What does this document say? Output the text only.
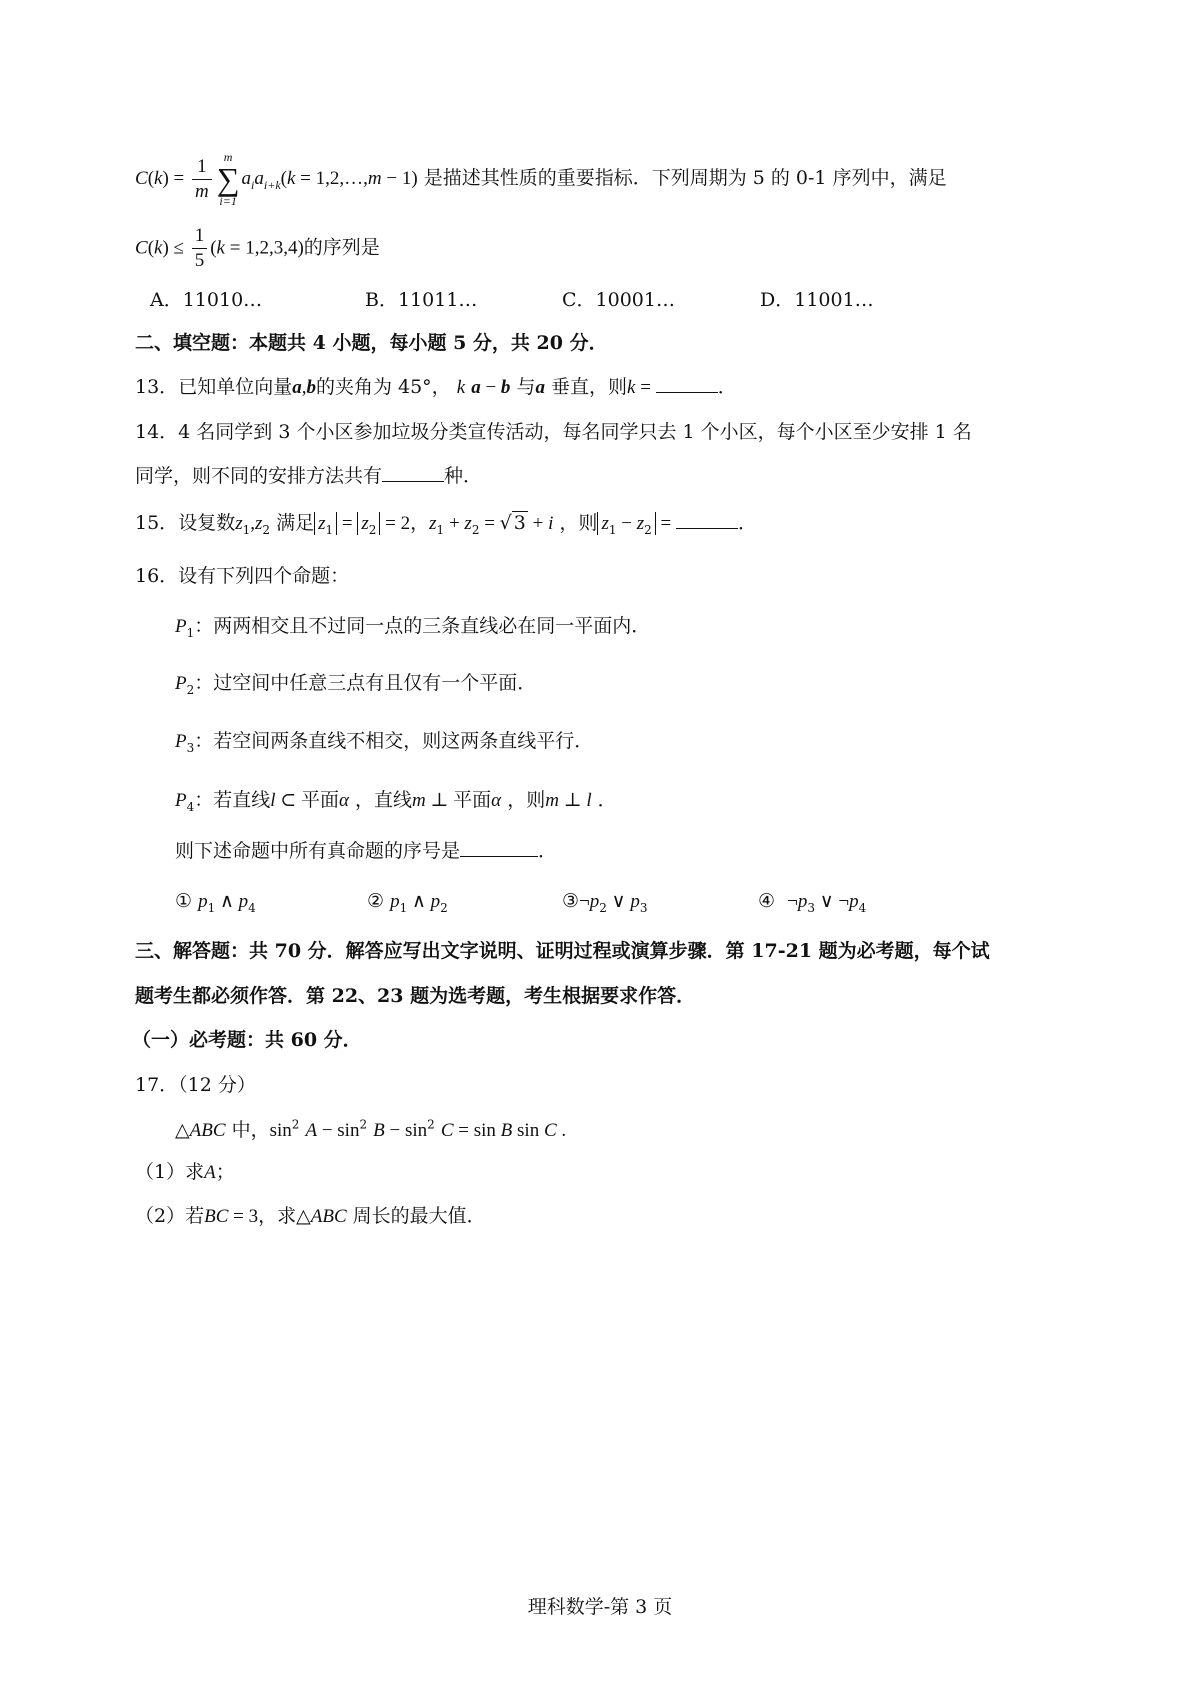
$C(k) = \frac{1}{m}$	m
∑
i=1
$a_ia_{i+k}(k$ = 1,2,…,m − 1) 是描述其性质的重要指标．下列周期为 5 的 0-1 序列中，满足
$C(k) \le \frac{1}{5} (k = 1,2,3,4)$的序列是
A．11010…	B．11011…	C．10001…	D．11001…
二、填空题：本题共 4 小题，每小题 5 分，共 20 分．
13．已知单位向量a,b的夹角为 45°， k a − b 与a 垂直，则k =	．
14．4 名同学到 3 个小区参加垃圾分类宣传活动，每名同学只去 1 个小区，每个小区至少安排 1 名
同学，则不同的安排方法共有	种．
15．设复数$z_1,z_2$ 满足 $z_1 = z_2 = 2$，$z_1 + z_2$ = √ 3 + i ，则 $z_1 - z_2$ =	．
16．设有下列四个命题：
$P_1$：两两相交且不过同一点的三条直线必在同一平面内．
$P_2$：过空间中任意三点有且仅有一个平面．
$P_3$：若空间两条直线不相交，则这两条直线平行．
$P_4$：若直线l ⊂ 平面α ，直线m ⊥ 平面α ，则m ⊥ l ．
则下述命题中所有真命题的序号是	．
① $p_1$ ∧ $p_4$	② $p_1$ ∧ $p_2$	$③\neg p_2$ ∨ $p_3$	④ $\neg p_3$ ∨ $\neg p_4$
三、解答题：共 70 分．解答应写出文字说明、证明过程或演算步骤．第 17-21 题为必考题，每个试
题考生都必须作答．第 22、23 题为选考题，考生根据要求作答．
（一）必考题：共 60 分．
17．（12 分）
△ABC 中，$\sin^2 A - \sin^2 B - \sin^2 C = \sin B$ sin C .
（1）求A；
（2）若BC = 3，求△ABC 周长的最大值．
理科数学-第 3 页
